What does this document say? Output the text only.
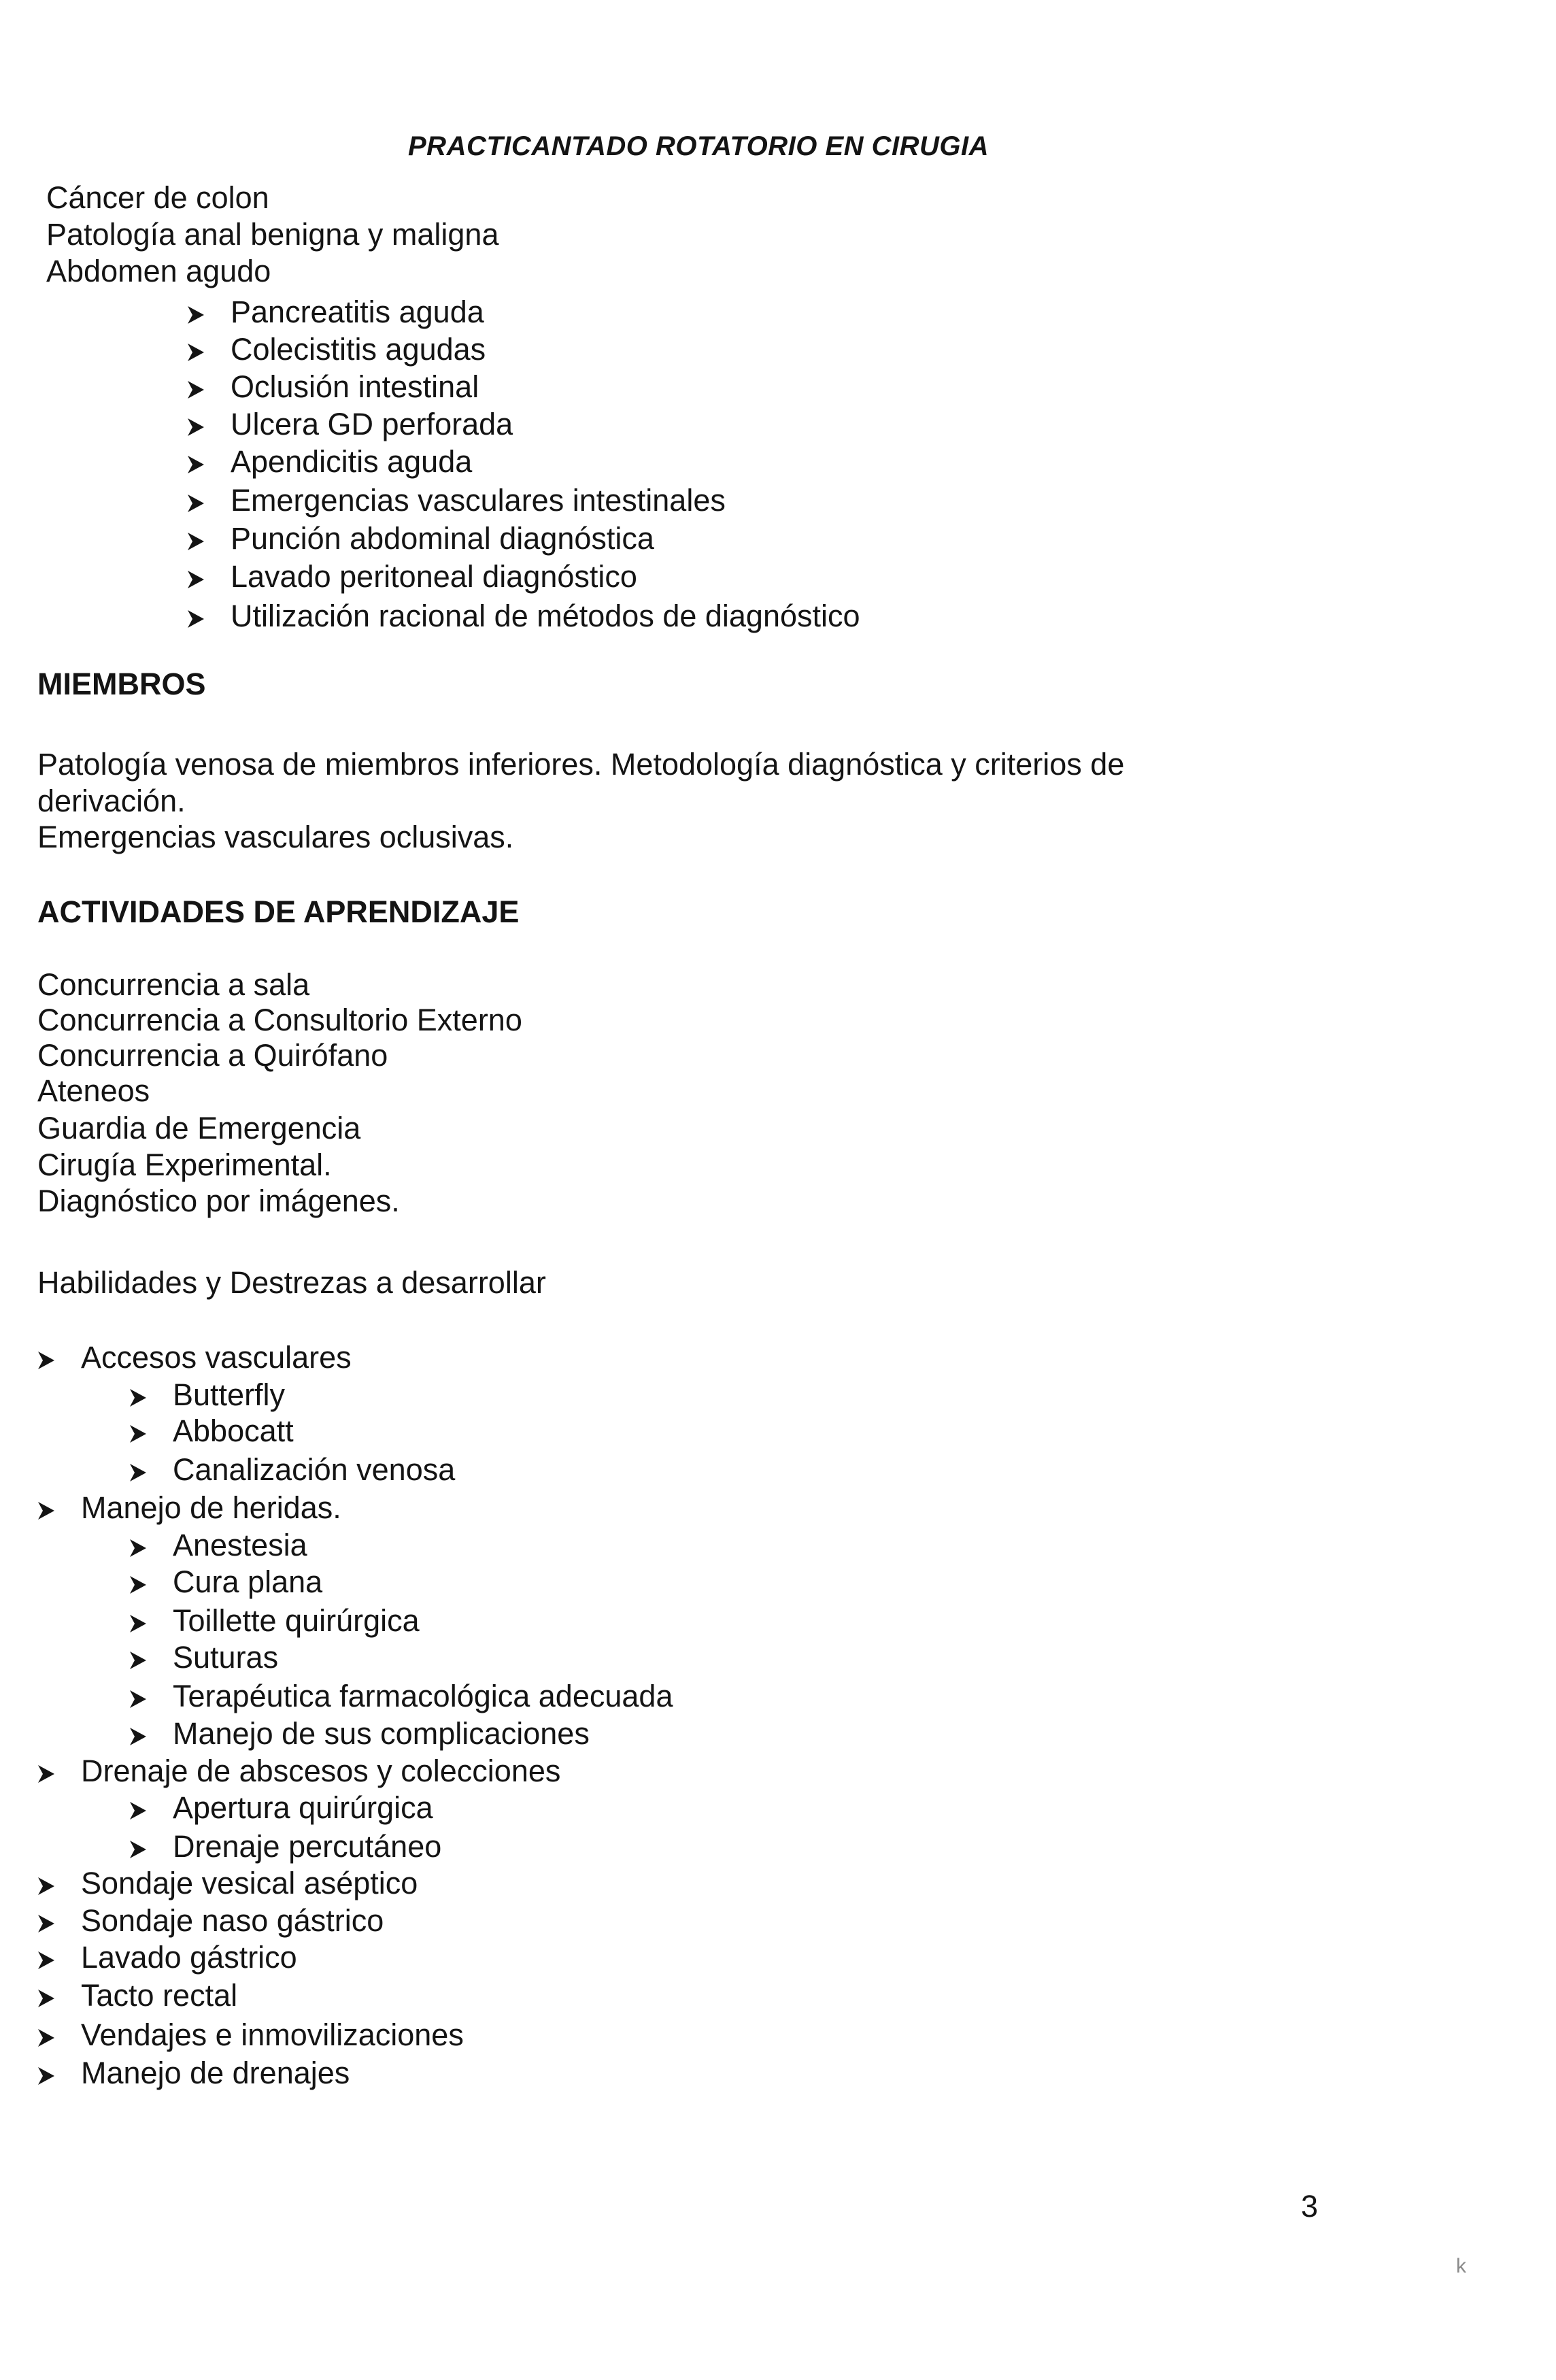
PRACTICANTADO ROTATORIO EN CIRUGIA
Cáncer de colon
Patología anal benigna y maligna
Abdomen agudo
Pancreatitis aguda
Colecistitis agudas
Oclusión intestinal
Ulcera GD perforada
Apendicitis aguda
Emergencias vasculares intestinales
Punción abdominal diagnóstica
Lavado peritoneal diagnóstico
Utilización racional de métodos de diagnóstico
MIEMBROS
Patología venosa de miembros inferiores. Metodología diagnóstica y criterios de derivación.
Emergencias vasculares oclusivas.
ACTIVIDADES DE APRENDIZAJE
Concurrencia a sala
Concurrencia a Consultorio Externo
Concurrencia a Quirófano
Ateneos
Guardia de Emergencia
Cirugía Experimental.
Diagnóstico por imágenes.
Habilidades y Destrezas a desarrollar
Accesos vasculares
Butterfly
Abbocatt
Canalización venosa
Manejo de heridas.
Anestesia
Cura plana
Toillette quirúrgica
Suturas
Terapéutica farmacológica adecuada
Manejo de sus complicaciones
Drenaje de abscesos y colecciones
Apertura quirúrgica
Drenaje percutáneo
Sondaje vesical aséptico
Sondaje naso gástrico
Lavado gástrico
Tacto rectal
Vendajes e inmovilizaciones
Manejo de drenajes
3
k​
